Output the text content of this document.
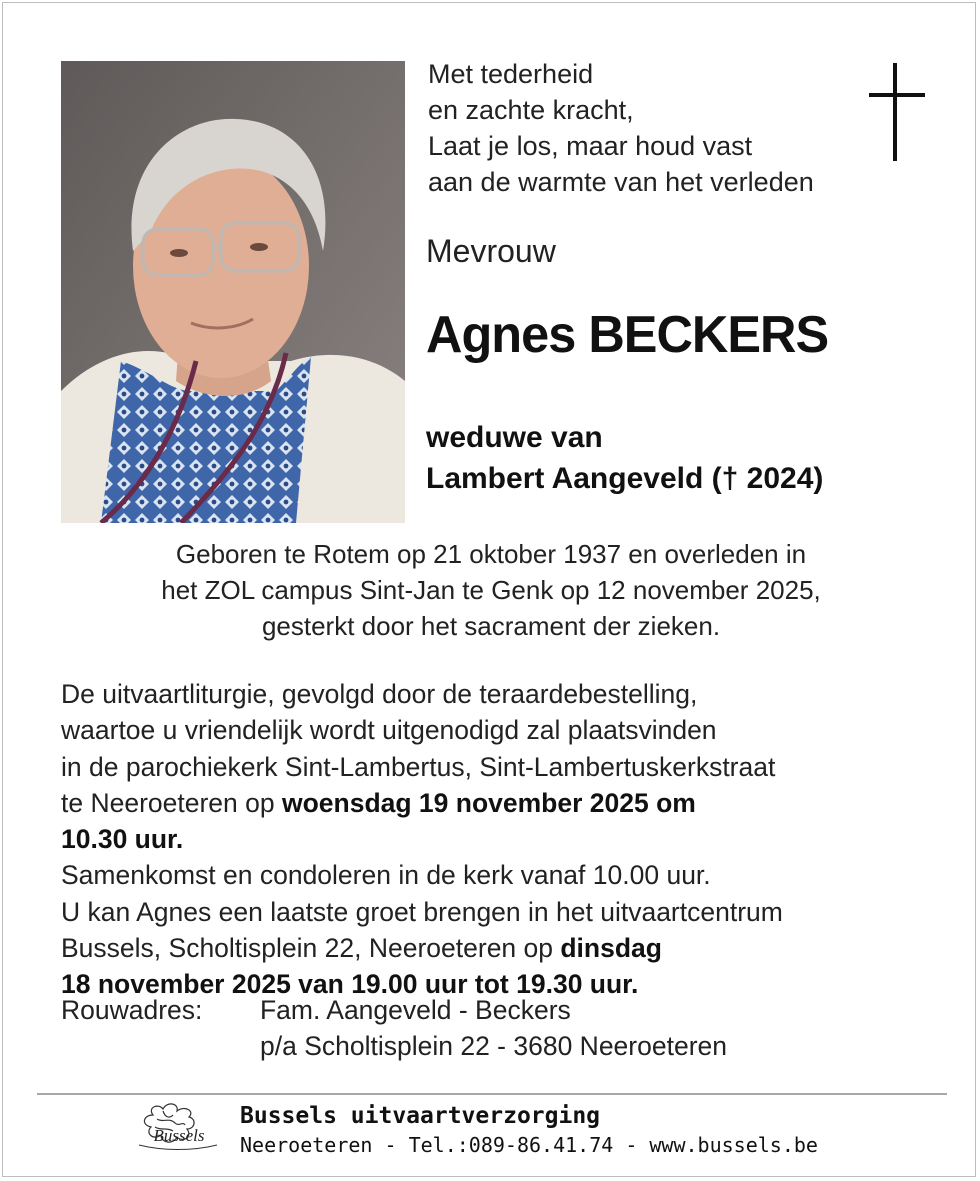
Met tederheid
en zachte kracht,
Laat je los, maar houd vast
aan de warmte van het verleden
Mevrouw
Agnes BECKERS
weduwe van
Lambert Aangeveld († 2024)
Geboren te Rotem op 21 oktober 1937 en overleden in
het ZOL campus Sint-Jan te Genk op 12 november 2025,
gesterkt door het sacrament der zieken.

De uitvaartliturgie, gevolgd door de teraardebestelling,

waartoe u vriendelijk wordt uitgenodigd zal plaatsvinden

in de parochiekerk Sint-Lambertus, Sint-Lambertuskerkstraat

te Neeroeteren op woensdag 19 november 2025 om

10.30 uur.

Samenkomst en condoleren in de kerk vanaf 10.00 uur.

U kan Agnes een laatste groet brengen in het uitvaartcentrum

Bussels, Scholtisplein 22, Neeroeteren op dinsdag

18 november 2025 van 19.00 uur tot 19.30 uur.

Rouwadres: Fam. Aangeveld - Beckers
p/a Scholtisplein 22 - 3680 Neeroeteren
Bussels
Bussels uitvaartverzorging
Neeroeteren - Tel.:089-86.41.74 - www.bussels.be
